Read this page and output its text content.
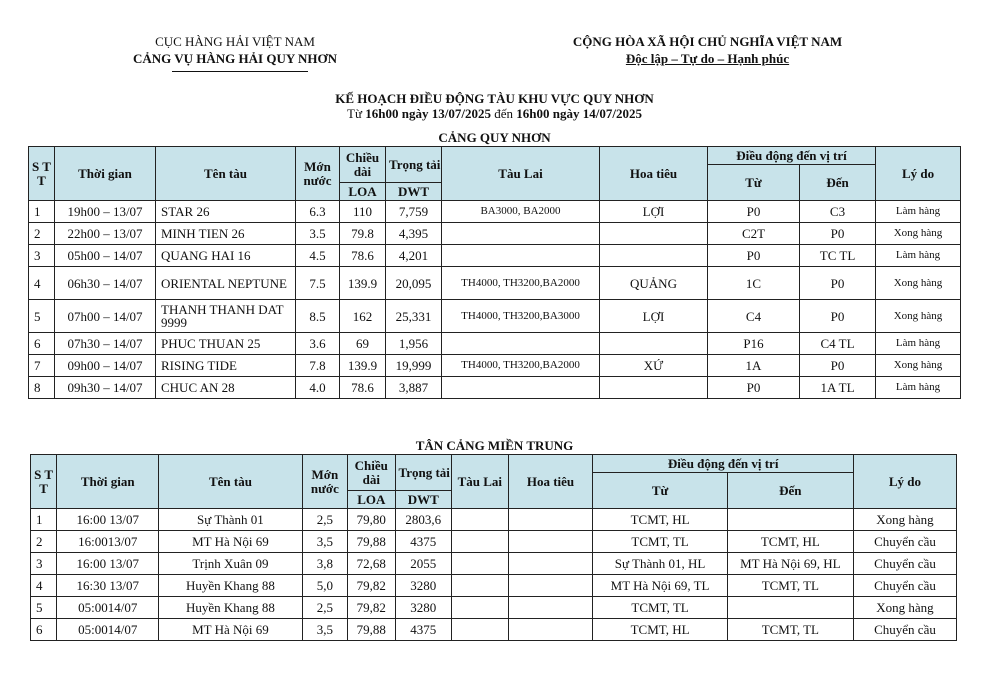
CỤC HÀNG HẢI VIỆT NAM
CẢNG VỤ HÀNG HẢI QUY NHƠN
CỘNG HÒA XÃ HỘI CHỦ NGHĨA VIỆT NAM
Độc lập – Tự do – Hạnh phúc
KẾ HOẠCH ĐIỀU ĐỘNG TÀU KHU VỰC QUY NHƠN
Từ 16h00 ngày 13/07/2025 đến 16h00 ngày 14/07/2025
CẢNG QUY NHƠN
S T T	Thời gian	Tên tàu	Mớn nước	Chiều dài	Trọng tải	Tàu Lai	Hoa tiêu	Điều động đến vị trí		Lý do
								Từ	Đến	
				LOA	DWT					
1	19h00 – 13/07	STAR 26	6.3	110	7,759	BA3000, BA2000	LỢI	P0	C3	Làm hàng
2	22h00 – 13/07	MINH TIEN 26	3.5	79.8	4,395			C2T	P0	Xong hàng
3	05h00 – 14/07	QUANG HAI 16	4.5	78.6	4,201			P0	TC TL	Làm hàng
4	06h30 – 14/07	ORIENTAL NEPTUNE	7.5	139.9	20,095	TH4000, TH3200,BA2000	QUẢNG	1C	P0	Xong hàng
5	07h00 – 14/07	THANH THANH DAT 9999	8.5	162	25,331	TH4000, TH3200,BA3000	LỢI	C4	P0	Xong hàng
6	07h30 – 14/07	PHUC THUAN 25	3.6	69	1,956			P16	C4 TL	Làm hàng
7	09h00 – 14/07	RISING TIDE	7.8	139.9	19,999	TH4000, TH3200,BA2000	XỨ	1A	P0	Xong hàng
8	09h30 – 14/07	CHUC AN 28	4.0	78.6	3,887			P0	1A TL	Làm hàng
TÂN CẢNG MIỀN TRUNG
S T T	Thời gian	Tên tàu	Mớn nước	Chiều dài	Trọng tải	Tàu Lai	Hoa tiêu	Điều động đến vị trí		Lý do
								Từ	Đến	
				LOA	DWT					
1	16:00 13/07	Sự Thành 01	2,5	79,80	2803,6			TCMT, HL		Xong hàng
2	16:0013/07	MT Hà Nội 69	3,5	79,88	4375			TCMT, TL	TCMT, HL	Chuyển cầu
3	16:00 13/07	Trịnh Xuân 09	3,8	72,68	2055			Sự Thành 01, HL	MT Hà Nội 69, HL	Chuyển cầu
4	16:30 13/07	Huyền Khang 88	5,0	79,82	3280			MT Hà Nội 69, TL	TCMT, TL	Chuyển cầu
5	05:0014/07	Huyền Khang 88	2,5	79,82	3280			TCMT, TL		Xong hàng
6	05:0014/07	MT Hà Nội 69	3,5	79,88	4375			TCMT, HL	TCMT, TL	Chuyển cầu
